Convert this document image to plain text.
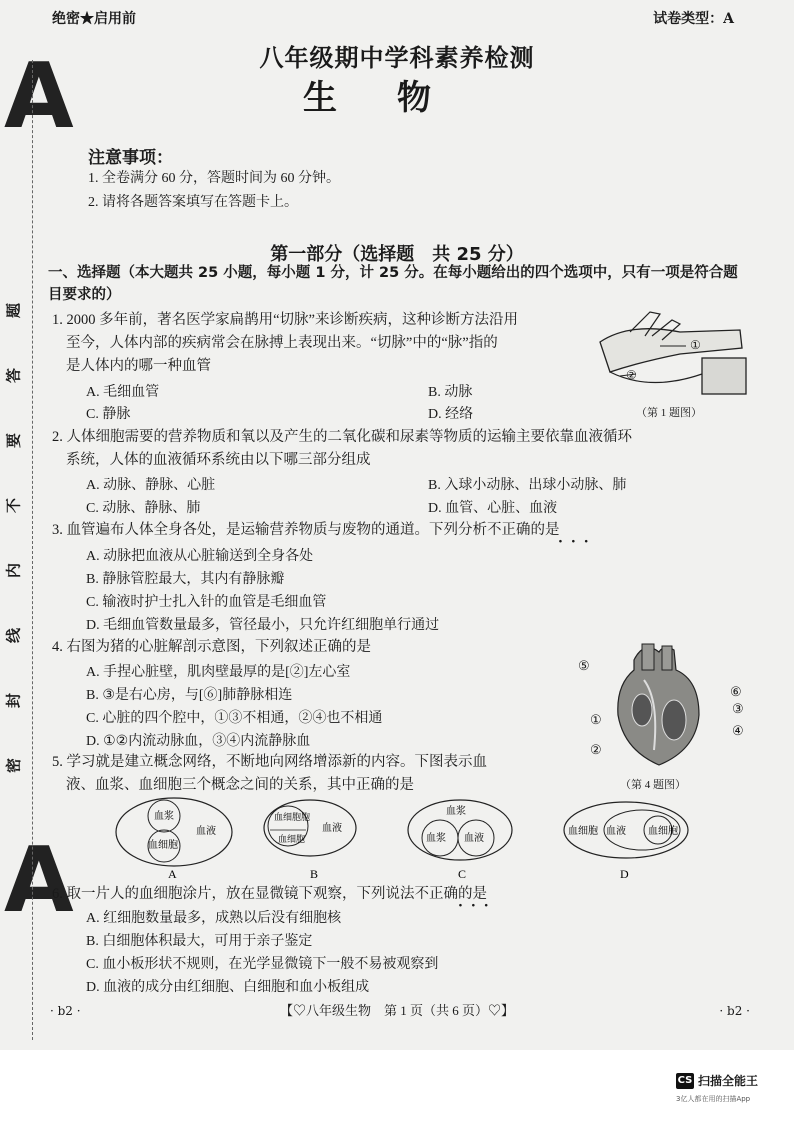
A
A
题
答
要
不
内
线
封
密
绝密★启用前	试卷类型：A
八年级期中学科素养检测
生物
注意事项：
1. 全卷满分 60 分，答题时间为 60 分钟。
2. 请将各题答案填写在答题卡上。
第一部分（选择题　共 25 分）
一、选择题（本大题共 25 小题，每小题 1 分，计 25 分。在每小题给出的四个选项中，只有一项是符合题目要求的）
1. 2000 多年前，著名医学家扁鹊用“切脉”来诊断疾病，这种诊断方法沿用
至今，人体内部的疾病常会在脉搏上表现出来。“切脉”中的“脉”指的
是人体内的哪一种血管
A. 毛细血管	B. 动脉
C. 静脉	D. 经络
①
②
（第 1 题图）
2. 人体细胞需要的营养物质和氧以及产生的二氧化碳和尿素等物质的运输主要依靠血液循环
系统，人体的血液循环系统由以下哪三部分组成
A. 动脉、静脉、心脏	B. 入球小动脉、出球小动脉、肺
C. 动脉、静脉、肺	D. 血管、心脏、血液
3. 血管遍布人体全身各处，是运输营养物质与废物的通道。下列分析不正确的是
···
A. 动脉把血液从心脏输送到全身各处
B. 静脉管腔最大，其内有静脉瓣
C. 输液时护士扎入针的血管是毛细血管
D. 毛细血管数量最多，管径最小，只允许红细胞单行通过
4. 右图为猪的心脏解剖示意图，下列叙述正确的是
A. 手捏心脏壁，肌肉壁最厚的是[②]左心室
B. ③是右心房，与[⑥]肺静脉相连
C. 心脏的四个腔中，①③不相通，②④也不相通
D. ①②内流动脉血，③④内流静脉血
⑤
⑥
③
①
④
②
（第 4 题图）
5. 学习就是建立概念网络，不断地向网络增添新的内容。下图表示血
液、血浆、血细胞三个概念之间的关系，其中正确的是
血浆
血细胞
血液
A
血细胞胞
血细胞
血液
B
血浆 血液
血浆
C
血细胞 血液 血细胞
D
6. 取一片人的血细胞涂片，放在显微镜下观察，下列说法不正确的是
···
A. 红细胞数量最多，成熟以后没有细胞核
B. 白细胞体积最大，可用于亲子鉴定
C. 血小板形状不规则，在光学显微镜下一般不易被观察到
D. 血液的成分由红细胞、白细胞和血小板组成
· b2 ·	【♡八年级生物　第 1 页（共 6 页）♡】	· b2 ·
CS 扫描全能王
3亿人都在用的扫描App
